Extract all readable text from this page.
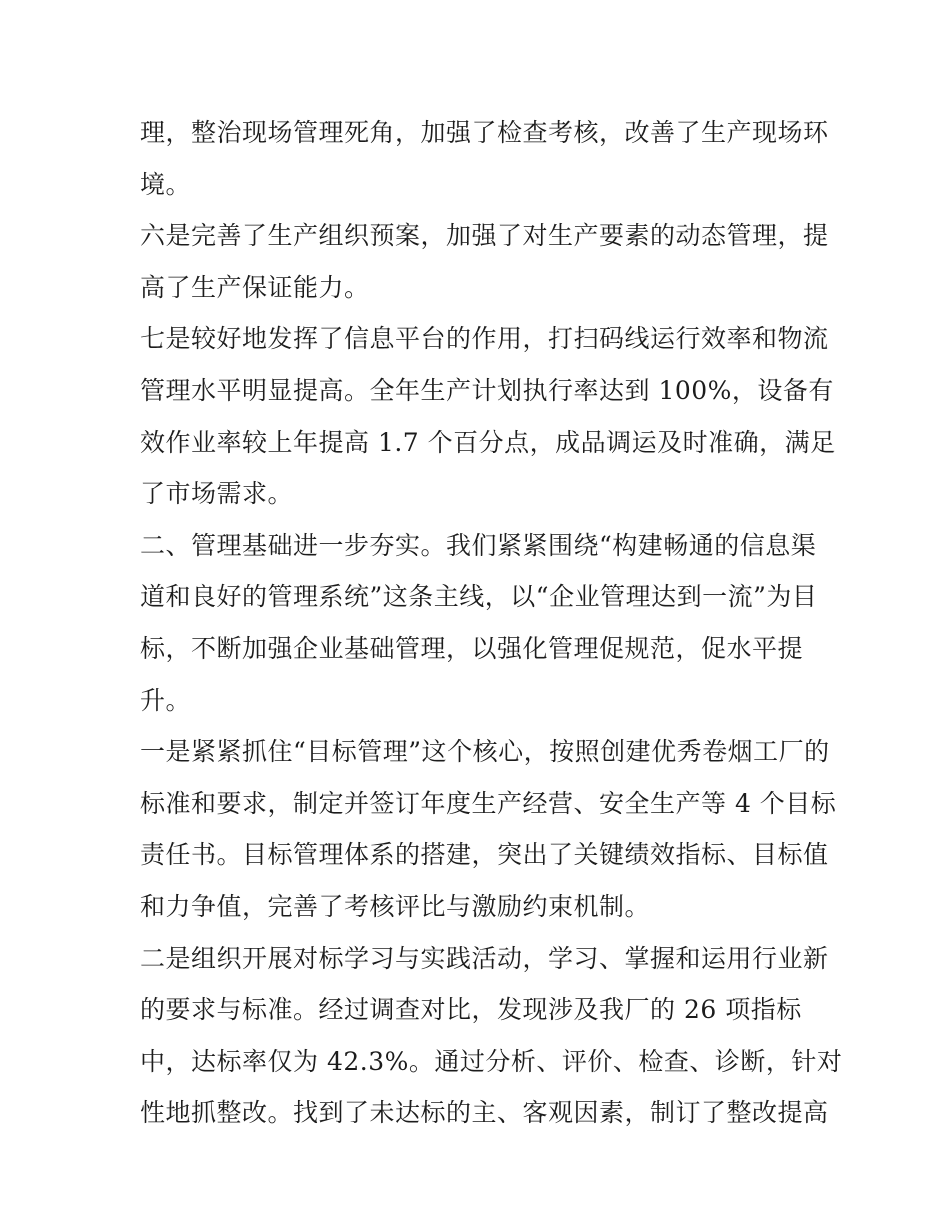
理，整治现场管理死角，加强了检查考核，改善了生产现场环
境。
六是完善了生产组织预案，加强了对生产要素的动态管理，提
高了生产保证能力。
七是较好地发挥了信息平台的作用，打扫码线运行效率和物流
管理水平明显提高。全年生产计划执行率达到 100%，设备有
效作业率较上年提高 1.7 个百分点，成品调运及时准确，满足
了市场需求。
二、管理基础进一步夯实。我们紧紧围绕“构建畅通的信息渠
道和良好的管理系统”这条主线，以“企业管理达到一流”为目
标，不断加强企业基础管理，以强化管理促规范，促水平提
升。
一是紧紧抓住“目标管理”这个核心，按照创建优秀卷烟工厂的
标准和要求，制定并签订年度生产经营、安全生产等 4 个目标
责任书。目标管理体系的搭建，突出了关键绩效指标、目标值
和力争值，完善了考核评比与激励约束机制。
二是组织开展对标学习与实践活动，学习、掌握和运用行业新
的要求与标准。经过调查对比，发现涉及我厂的 26 项指标
中，达标率仅为 42.3%。通过分析、评价、检查、诊断，针对
性地抓整改。找到了未达标的主、客观因素，制订了整改提高
